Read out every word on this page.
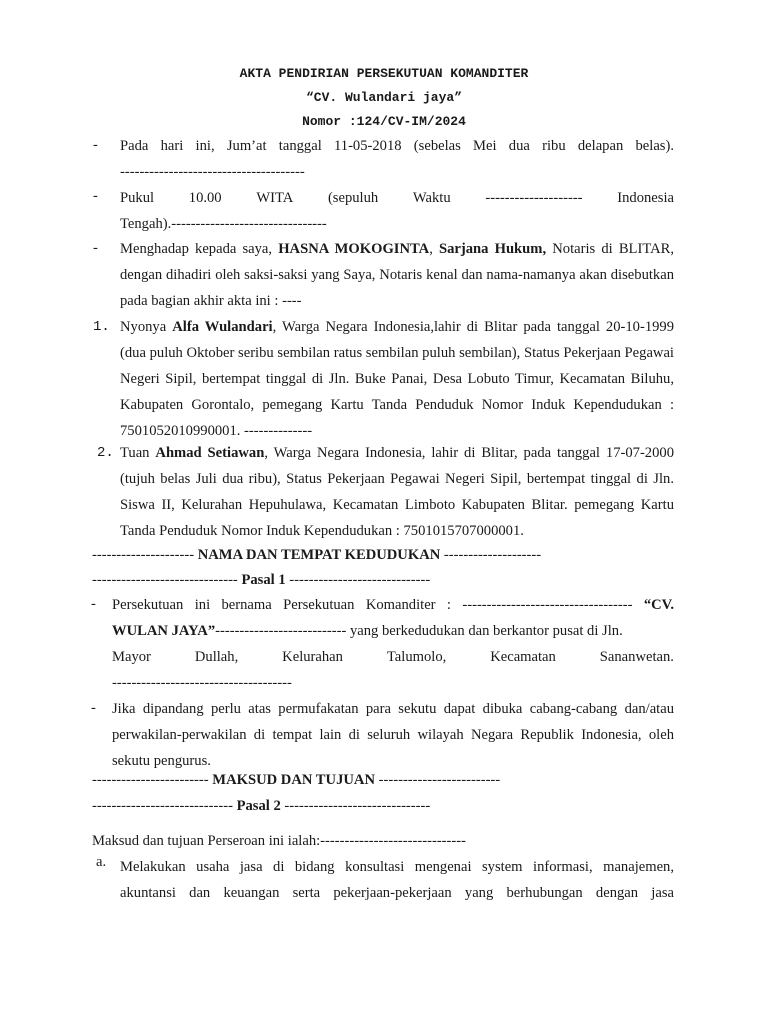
AKTA PENDIRIAN PERSEKUTUAN KOMANDITER
“CV. Wulandari jaya”
Nomor :124/CV-IM/2024
- Pada hari ini, Jum’at tanggal 11-05-2018 (sebelas Mei dua ribu delapan belas).
--------------------------------------
- Pukul 10.00 WITA (sepuluh Waktu -------------------- Indonesia
Tengah).--------------------------------
- Menghadap kepada saya, HASNA MOKOGINTA, Sarjana Hukum, Notaris di BLITAR, dengan dihadiri oleh saksi-saksi yang Saya, Notaris kenal dan nama-namanya akan disebutkan pada bagian akhir akta ini : ----
1. Nyonya Alfa Wulandari, Warga Negara Indonesia,lahir di Blitar pada tanggal 20-10-1999 (dua puluh Oktober seribu sembilan ratus sembilan puluh sembilan), Status Pekerjaan Pegawai Negeri Sipil, bertempat tinggal di Jln. Buke Panai, Desa Lobuto Timur, Kecamatan Biluhu, Kabupaten Gorontalo, pemegang Kartu Tanda Penduduk Nomor Induk Kependudukan : 7501052010990001. --------------
2. Tuan Ahmad Setiawan, Warga Negara Indonesia, lahir di Blitar, pada tanggal 17-07-2000 (tujuh belas Juli dua ribu), Status Pekerjaan Pegawai Negeri Sipil, bertempat tinggal di Jln. Siswa II, Kelurahan Hepuhulawa, Kecamatan Limboto Kabupaten Blitar. pemegang Kartu Tanda Penduduk Nomor Induk Kependudukan : 7501015707000001.
--------------------- NAMA DAN TEMPAT KEDUDUKAN --------------------
------------------------------ Pasal 1 -----------------------------
- Persekutuan ini bernama Persekutuan Komanditer : ----------------------------------- “CV. WULAN JAYA”--------------------------- yang berkedudukan dan berkantor pusat di Jln.
Mayor	Dullah,	Kelurahan	Talumolo,	Kecamatan	Sananwetan.
-------------------------------------
- Jika dipandang perlu atas permufakatan para sekutu dapat dibuka cabang-cabang dan/atau perwakilan-perwakilan di tempat lain di seluruh wilayah Negara Republik Indonesia, oleh sekutu pengurus.
------------------------ MAKSUD DAN TUJUAN -------------------------
----------------------------- Pasal 2 ------------------------------
Maksud dan tujuan Perseroan ini ialah:------------------------------
a. Melakukan usaha jasa di bidang konsultasi mengenai system informasi, manajemen,
akuntansi dan keuangan serta pekerjaan-pekerjaan yang berhubungan dengan jasa
